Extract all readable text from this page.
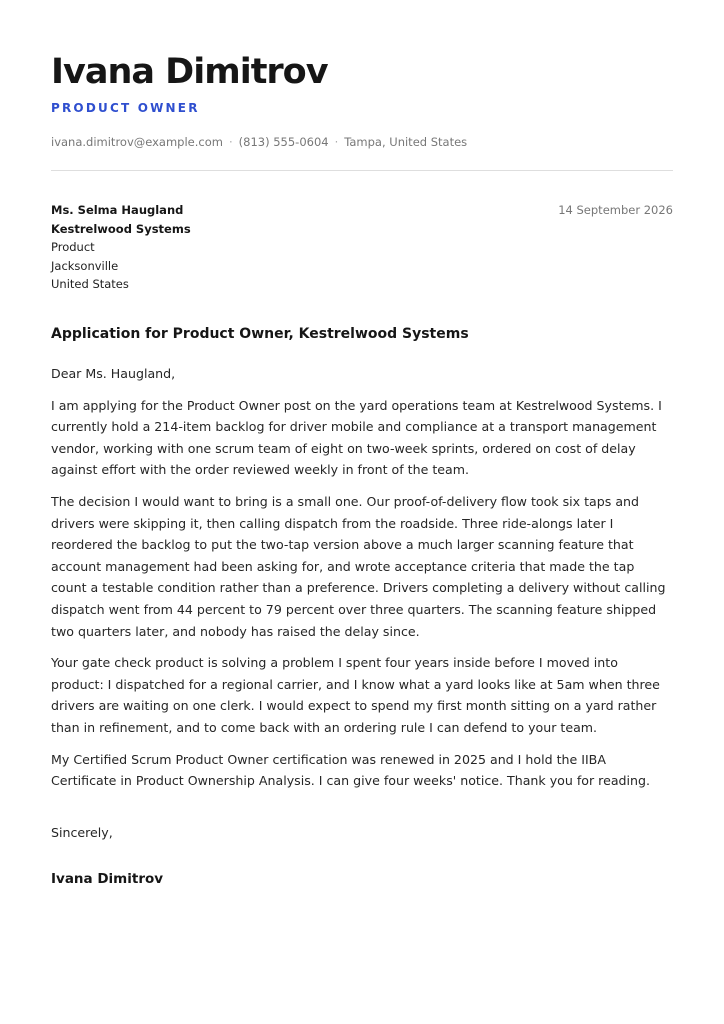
Ivana Dimitrov
PRODUCT OWNER
ivana.dimitrov@example.com · (813) 555-0604 · Tampa, United States
Ms. Selma Haugland
Kestrelwood Systems
Product
Jacksonville
United States
14 September 2026
Application for Product Owner, Kestrelwood Systems

Dear Ms. Haugland,

I am applying for the Product Owner post on the yard operations team at Kestrelwood Systems. I currently hold a 214-item backlog for driver mobile and compliance at a transport management vendor, working with one scrum team of eight on two-week sprints, ordered on cost of delay against effort with the order reviewed weekly in front of the team.

The decision I would want to bring is a small one. Our proof-of-delivery flow took six taps and drivers were skipping it, then calling dispatch from the roadside. Three ride-alongs later I reordered the backlog to put the two-tap version above a much larger scanning feature that account management had been asking for, and wrote acceptance criteria that made the tap count a testable condition rather than a preference. Drivers completing a delivery without calling dispatch went from 44 percent to 79 percent over three quarters. The scanning feature shipped two quarters later, and nobody has raised the delay since.

Your gate check product is solving a problem I spent four years inside before I moved into product: I dispatched for a regional carrier, and I know what a yard looks like at 5am when three drivers are waiting on one clerk. I would expect to spend my first month sitting on a yard rather than in refinement, and to come back with an ordering rule I can defend to your team.

My Certified Scrum Product Owner certification was renewed in 2025 and I hold the IIBA Certificate in Product Ownership Analysis. I can give four weeks' notice. Thank you for reading.

Sincerely,
Ivana Dimitrov
